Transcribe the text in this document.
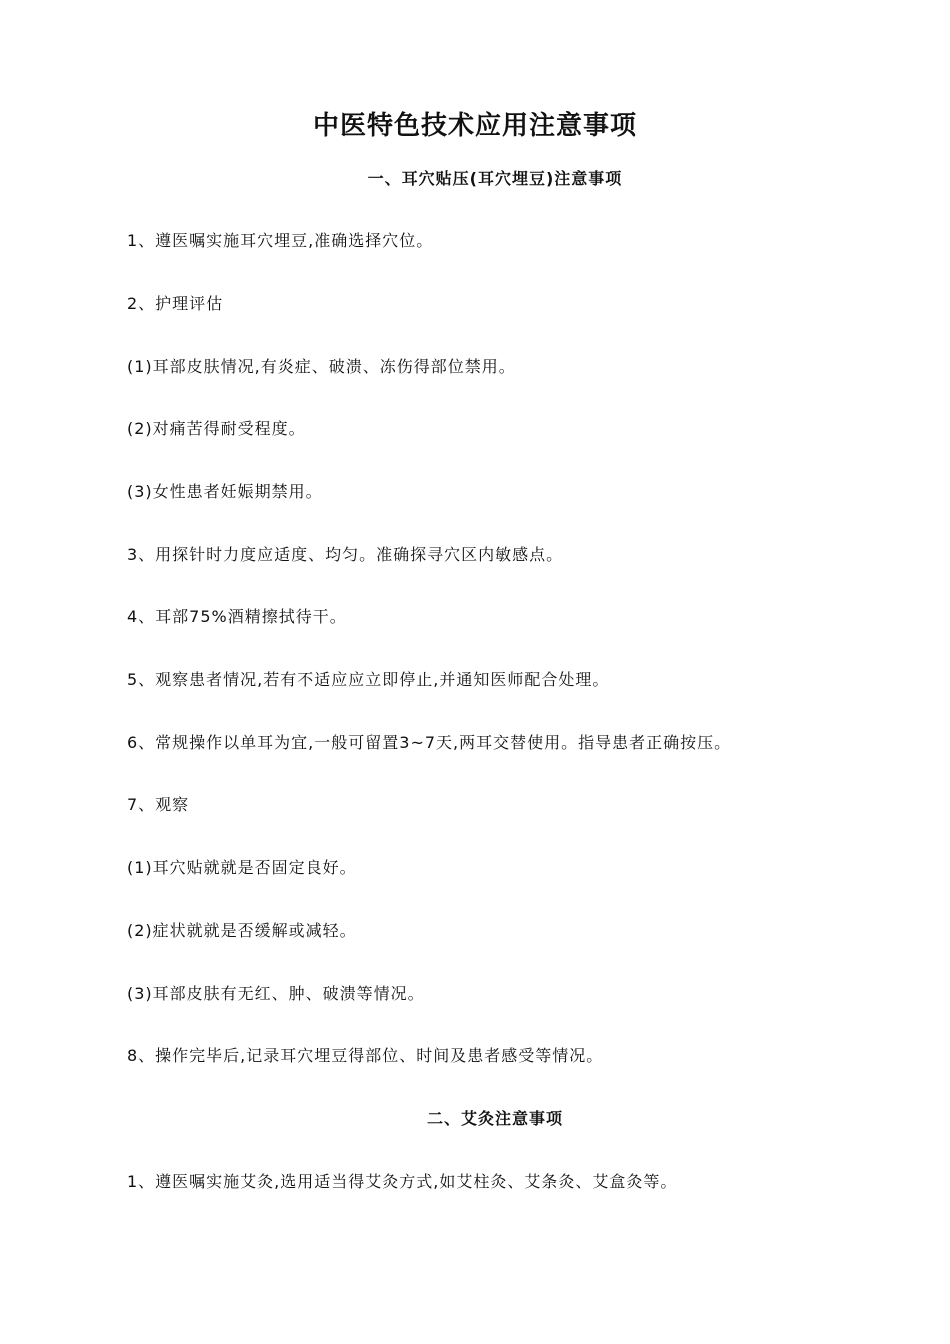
中医特色技术应用注意事项
一、耳穴贴压(耳穴埋豆)注意事项

1、遵医嘱实施耳穴埋豆,准确选择穴位。

2、护理评估

(1)耳部皮肤情况,有炎症、破溃、冻伤得部位禁用。

(2)对痛苦得耐受程度。

(3)女性患者妊娠期禁用。

3、用探针时力度应适度、均匀。准确探寻穴区内敏感点。

4、耳部75%酒精擦拭待干。

5、观察患者情况,若有不适应应立即停止,并通知医师配合处理。

6、常规操作以单耳为宜,一般可留置3~7天,两耳交替使用。指导患者正确按压。

7、观察

(1)耳穴贴就就是否固定良好。

(2)症状就就是否缓解或减轻。

(3)耳部皮肤有无红、肿、破溃等情况。

8、操作完毕后,记录耳穴埋豆得部位、时间及患者感受等情况。

二、艾灸注意事项

1、遵医嘱实施艾灸,选用适当得艾灸方式,如艾柱灸、艾条灸、艾盒灸等。
